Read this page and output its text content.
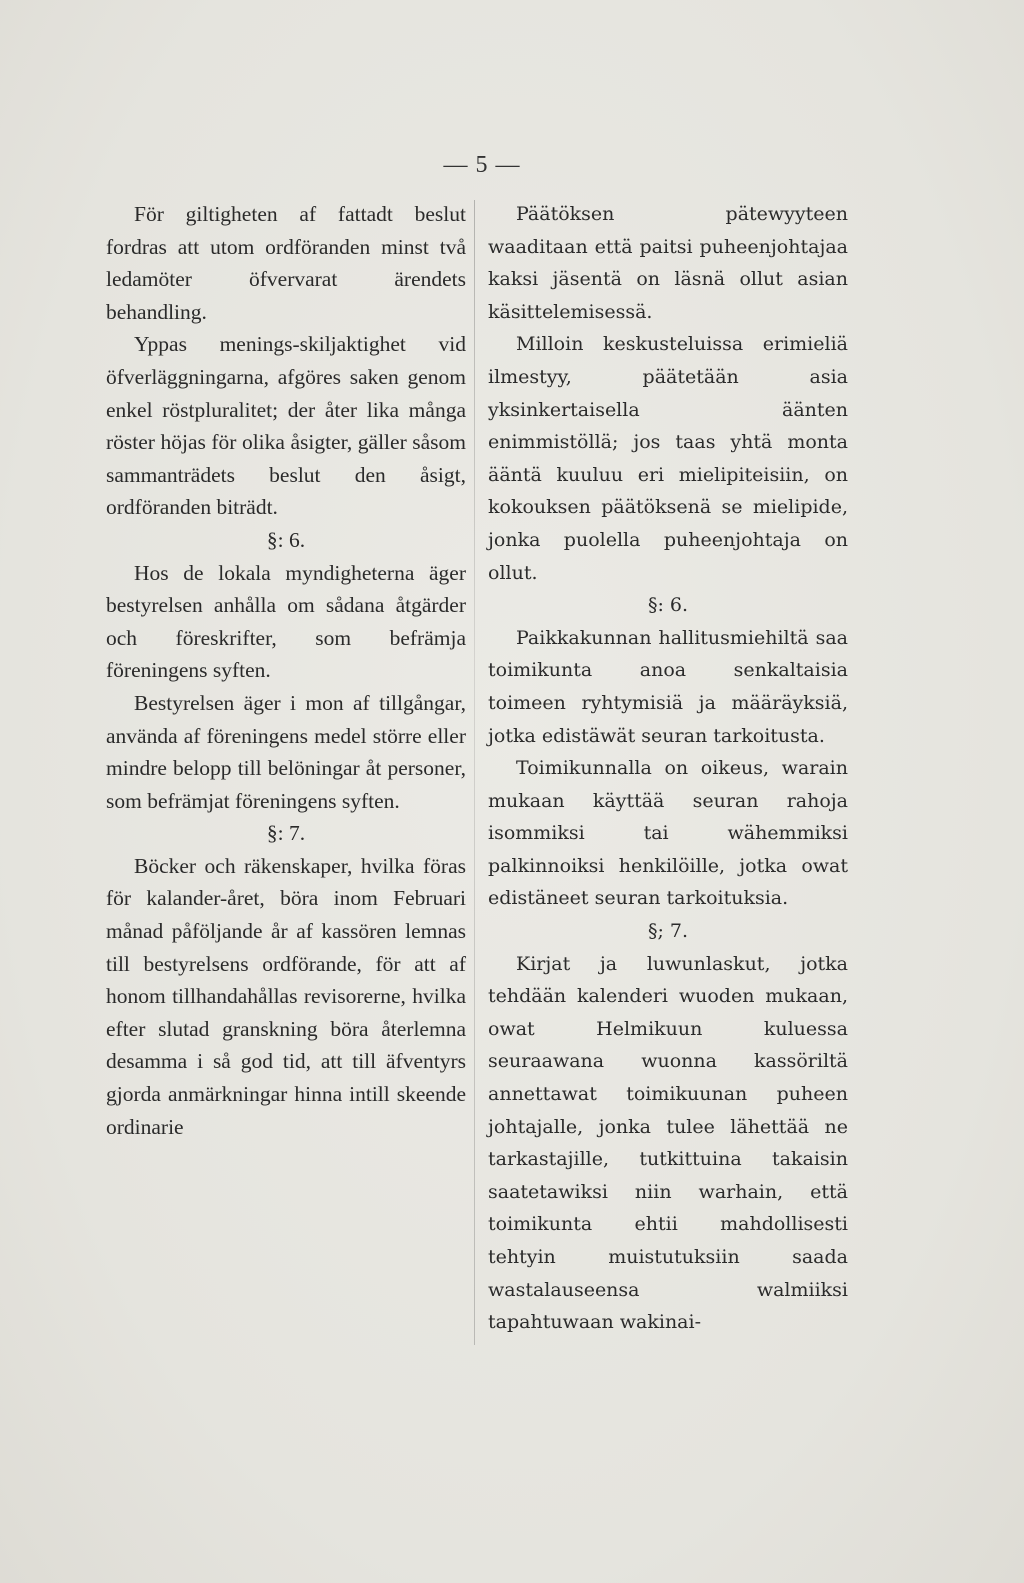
— 5 —

För giltigheten af fattadt beslut fordras att utom ordföranden minst två ledamöter öfvervarat ärendets behandling.

Yppas menings-skiljaktighet vid öfverläggningarna, afgöres saken genom enkel röstpluralitet; der åter lika många röster höjas för olika åsigter, gäller såsom sammanträdets beslut den åsigt, ordföranden biträdt.

§: 6.

Hos de lokala myndigheterna äger bestyrelsen anhålla om sådana åtgärder och föreskrifter, som befrämja föreningens syften.

Bestyrelsen äger i mon af tillgångar, använda af föreningens medel större eller mindre belopp till belöningar åt personer, som befrämjat föreningens syften.

§: 7.

Böcker och räkenskaper, hvilka föras för kalander-året, böra inom Februari månad påföljande år af kassören lemnas till bestyrelsens ordförande, för att af honom tillhandahållas revisorerne, hvilka efter slutad granskning böra återlemna desamma i så god tid, att till äfventyrs gjorda anmärkningar hinna intill skeende ordinarie

Päätöksen pätewyyteen waaditaan että paitsi puheenjohtajaa kaksi jäsentä on läsnä ollut asian käsittelemisessä.

Milloin keskusteluissa erimieliä ilmestyy, päätetään asia yksinkertaisella äänten enimmistöllä; jos taas yhtä monta ääntä kuuluu eri mielipiteisiin, on kokouksen päätöksenä se mielipide, jonka puolella puheenjohtaja on ollut.

§: 6.

Paikkakunnan hallitusmiehiltä saa toimikunta anoa senkaltaisia toimeen ryhtymisiä ja määräyksiä, jotka edistäwät seuran tarkoitusta.

Toimikunnalla on oikeus, warain mukaan käyttää seuran rahoja isommiksi tai wähemmiksi palkinnoiksi henkilöille, jotka owat edistäneet seuran tarkoituksia.

§; 7.

Kirjat ja luwunlaskut, jotka tehdään kalenderi wuoden mukaan, owat Helmikuun kuluessa seuraawana wuonna kassöriltä annettawat toimikuunan puheen johtajalle, jonka tulee lähettää ne tarkastajille, tutkittuina takaisin saatetawiksi niin warhain, että toimikunta ehtii mahdollisesti tehtyin muistutuksiin saada wastalauseensa walmiiksi tapahtuwaan wakinai-
